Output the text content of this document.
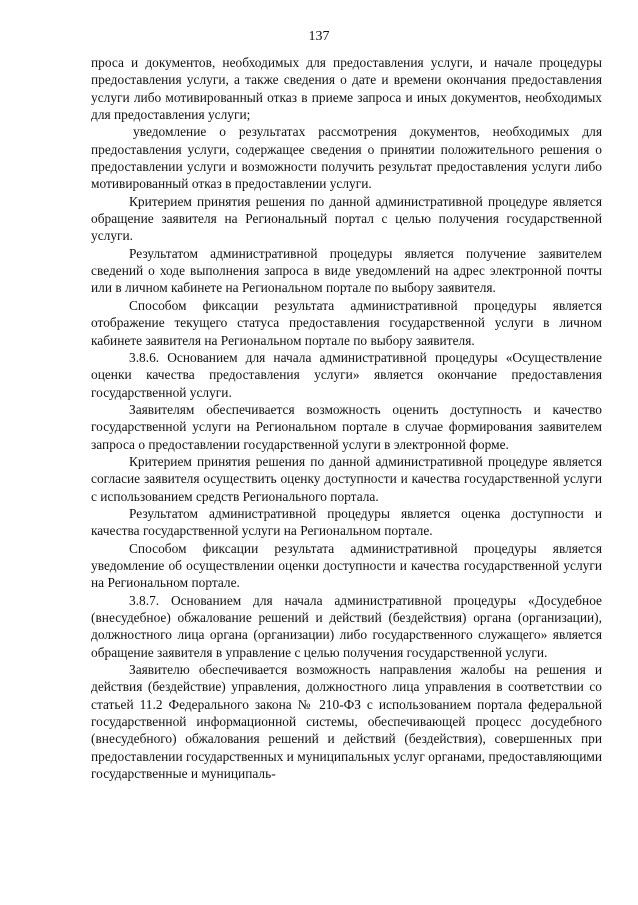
137

проса и документов, необходимых для предоставления услуги, и начале процедуры предоставления услуги, а также сведения о дате и времени окончания предоставления услуги либо мотивированный отказ в приеме запроса и иных документов, необходимых для предоставления услуги;

уведомление о результатах рассмотрения документов, необходимых для предоставления услуги, содержащее сведения о принятии положительного решения о предоставлении услуги и возможности получить результат предоставления услуги либо мотивированный отказ в предоставлении услуги.

Критерием принятия решения по данной административной процедуре является обращение заявителя на Региональный портал с целью получения государственной услуги.

Результатом административной процедуры является получение заявителем сведений о ходе выполнения запроса в виде уведомлений на адрес электронной почты или в личном кабинете на Региональном портале по выбору заявителя.

Способом фиксации результата административной процедуры является отображение текущего статуса предоставления государственной услуги в личном кабинете заявителя на Региональном портале по выбору заявителя.

3.8.6. Основанием для начала административной процедуры «Осуществление оценки качества предоставления услуги» является окончание предоставления государственной услуги.

Заявителям обеспечивается возможность оценить доступность и качество государственной услуги на Региональном портале в случае формирования заявителем запроса о предоставлении государственной услуги в электронной форме.

Критерием принятия решения по данной административной процедуре является согласие заявителя осуществить оценку доступности и качества государственной услуги с использованием средств Регионального портала.

Результатом административной процедуры является оценка доступности и качества государственной услуги на Региональном портале.

Способом фиксации результата административной процедуры является уведомление об осуществлении оценки доступности и качества государственной услуги на Региональном портале.

3.8.7. Основанием для начала административной процедуры «Досудебное (внесудебное) обжалование решений и действий (бездействия) органа (организации), должностного лица органа (организации) либо государственного служащего» является обращение заявителя в управление с целью получения государственной услуги.

Заявителю обеспечивается возможность направления жалобы на решения и действия (бездействие) управления, должностного лица управления в соответствии со статьей 11.2 Федерального закона № 210-ФЗ с использованием портала федеральной государственной информационной системы, обеспечивающей процесс досудебного (внесудебного) обжалования решений и действий (бездействия), совершенных при предоставлении государственных и муниципальных услуг органами, предоставляющими государственные и муниципаль-
